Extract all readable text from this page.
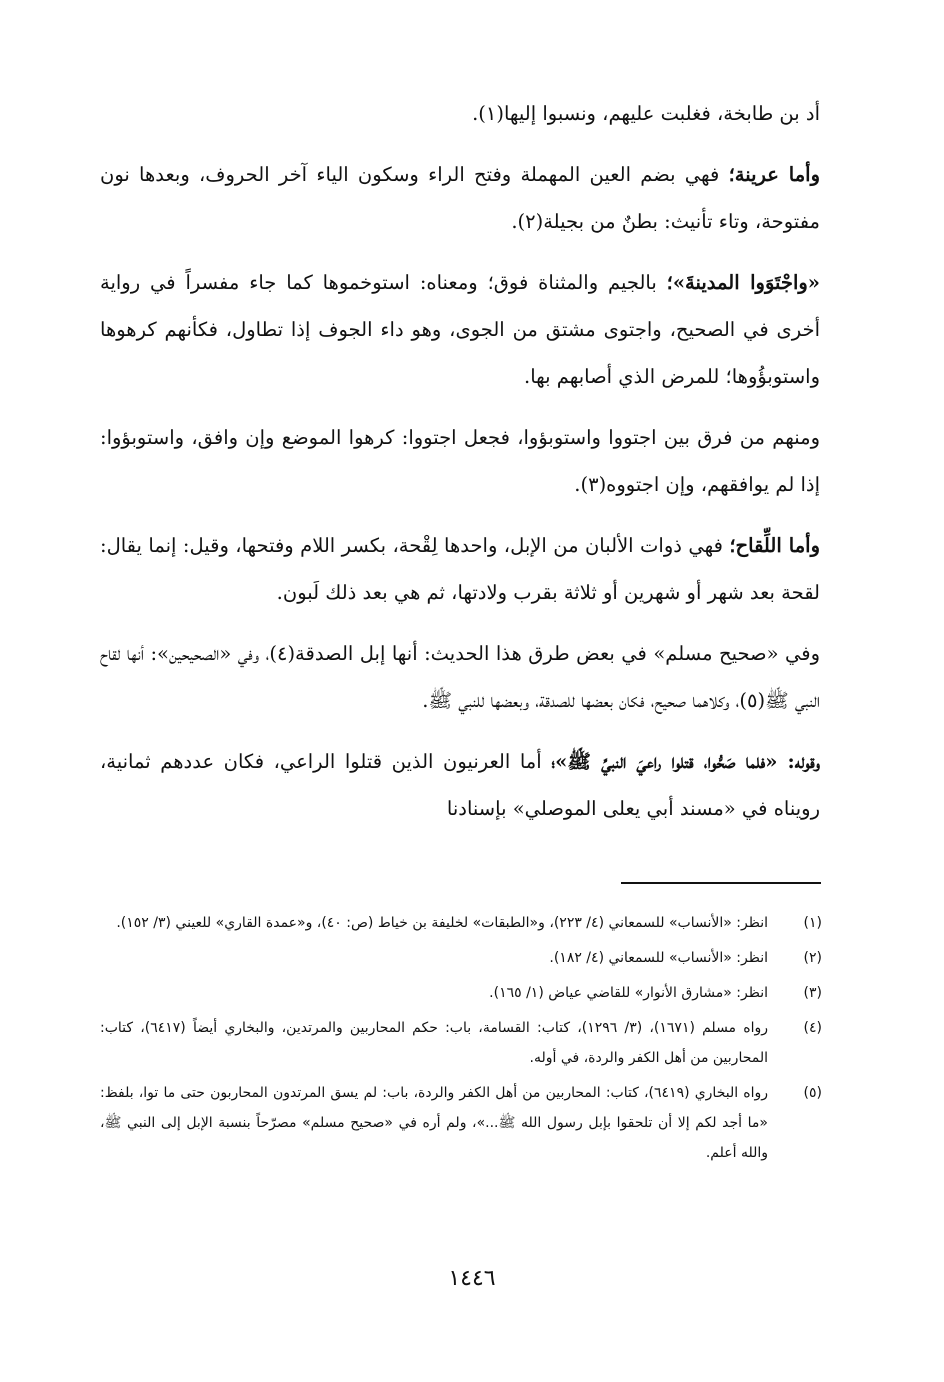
أد بن طابخة، فغلبت عليهم، ونسبوا إليها(١).

وأما عرينة؛ فهي بضم العين المهملة وفتح الراء وسكون الياء آخر الحروف، وبعدها نون مفتوحة، وتاء تأنيث: بطنٌ من بجيلة(٢).

«واجْتَوَوا المدينةَ»؛ بالجيم والمثناة فوق؛ ومعناه: استوخموها كما جاء مفسراً في رواية أخرى في الصحيح، واجتوى مشتق من الجوى، وهو داء الجوف إذا تطاول، فكأنهم كرهوها واستوبؤُوها؛ للمرض الذي أصابهم بها.

ومنهم من فرق بين اجتووا واستوبؤوا، فجعل اجتووا: كرهوا الموضع وإن وافق، واستوبؤوا: إذا لم يوافقهم، وإن اجتووه(٣).

وأما اللِّقاح؛ فهي ذوات الألبان من الإبل، واحدها لِقْحة، بكسر اللام وفتحها، وقيل: إنما يقال: لقحة بعد شهر أو شهرين أو ثلاثة بقرب ولادتها، ثم هي بعد ذلك لَبون.

وفي «صحيح مسلم» في بعض طرق هذا الحديث: أنها إبل الصدقة(٤)، وفي «الصحيحين»: أنها لقاح النبي ﷺ(٥)، وكلاهما صحيح، فكان بعضها للصدقة، وبعضها للنبي ﷺ.

وقوله: «فلما صَحُّوا، قتلوا راعيَ النبيِّ ﷺ»؛ أما العرنيون الذين قتلوا الراعي، فكان عددهم ثمانية، رويناه في «مسند أبي يعلى الموصلي» بإسنادنا

(١)
انظر: «الأنساب» للسمعاني (٤/ ٢٢٣)، و«الطبقات» لخليفة بن خياط (ص: ٤٠)، و«عمدة القاري» للعيني (٣/ ١٥٢).
(٢)
انظر: «الأنساب» للسمعاني (٤/ ١٨٢).
(٣)
انظر: «مشارق الأنوار» للقاضي عياض (١/ ١٦٥).
(٤)
رواه مسلم (١٦٧١)، (٣/ ١٢٩٦)، كتاب: القسامة، باب: حكم المحاربين والمرتدين، والبخاري أيضاً (٦٤١٧)، كتاب: المحاربين من أهل الكفر والردة، في أوله.
(٥)
رواه البخاري (٦٤١٩)، كتاب: المحاربين من أهل الكفر والردة، باب: لم يسق المرتدون المحاربون حتى ما توا، بلفظ: «ما أجد لكم إلا أن تلحقوا بإبل رسول الله ﷺ...»، ولم أره في «صحيح مسلم» مصرّحاً بنسبة الإبل إلى النبي ﷺ، والله أعلم.
١٤٤٦
